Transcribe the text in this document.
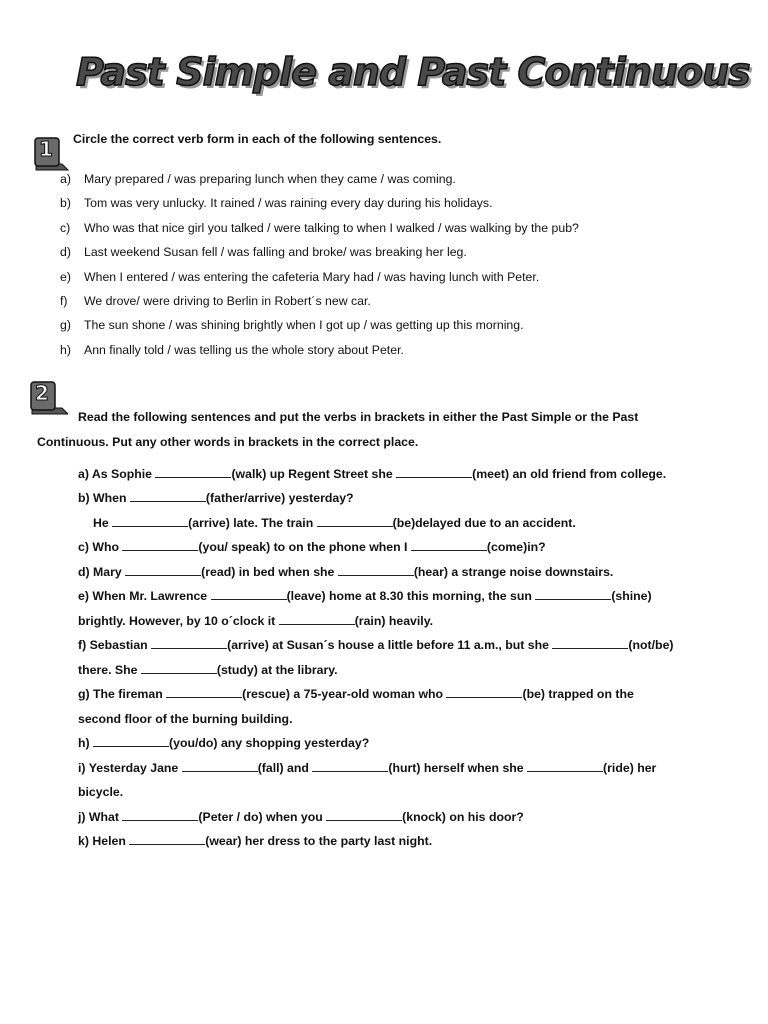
Past Simple and Past Continuous
1	Circle the correct verb form in each of the following sentences.
a) Mary prepared / was preparing lunch when they came / was coming.
b) Tom was very unlucky. It rained / was raining every day during his holidays.
c) Who was that nice girl you talked / were talking to when I walked / was walking by the pub?
d) Last weekend Susan fell / was falling and broke/ was breaking her leg.
e) When I entered / was entering the cafeteria Mary had / was having lunch with Peter.
f) We drove/ were driving to Berlin in Robert´s new car.
g) The sun shone / was shining brightly when I got up / was getting up this morning.
h) Ann finally told / was telling us the whole story about Peter.
2
Read the following sentences and put the verbs in brackets in either the Past Simple or the Past
Continuous. Put any other words in brackets in the correct place.
a) As Sophie	(walk) up Regent Street she	(meet) an old friend from college.
b) When	(father/arrive) yesterday?
He	(arrive) late. The train	(be)delayed due to an accident.
c) Who	(you/ speak) to on the phone when I	(come)in?
d) Mary	(read) in bed when she	(hear) a strange noise downstairs.
e) When Mr. Lawrence	(leave) home at 8.30 this morning, the sun	(shine)
brightly. However, by 10 o´clock it	(rain) heavily.
f) Sebastian	(arrive) at Susan´s house a little before 11 a.m., but she	(not/be)
there. She	(study) at the library.
g) The fireman	(rescue) a 75-year-old woman who	(be) trapped on the
second floor of the burning building.
h)	(you/do) any shopping yesterday?
i) Yesterday Jane	(fall) and	(hurt) herself when she	(ride) her
bicycle.
j) What	(Peter / do) when you	(knock) on his door?
k) Helen	(wear) her dress to the party last night.
